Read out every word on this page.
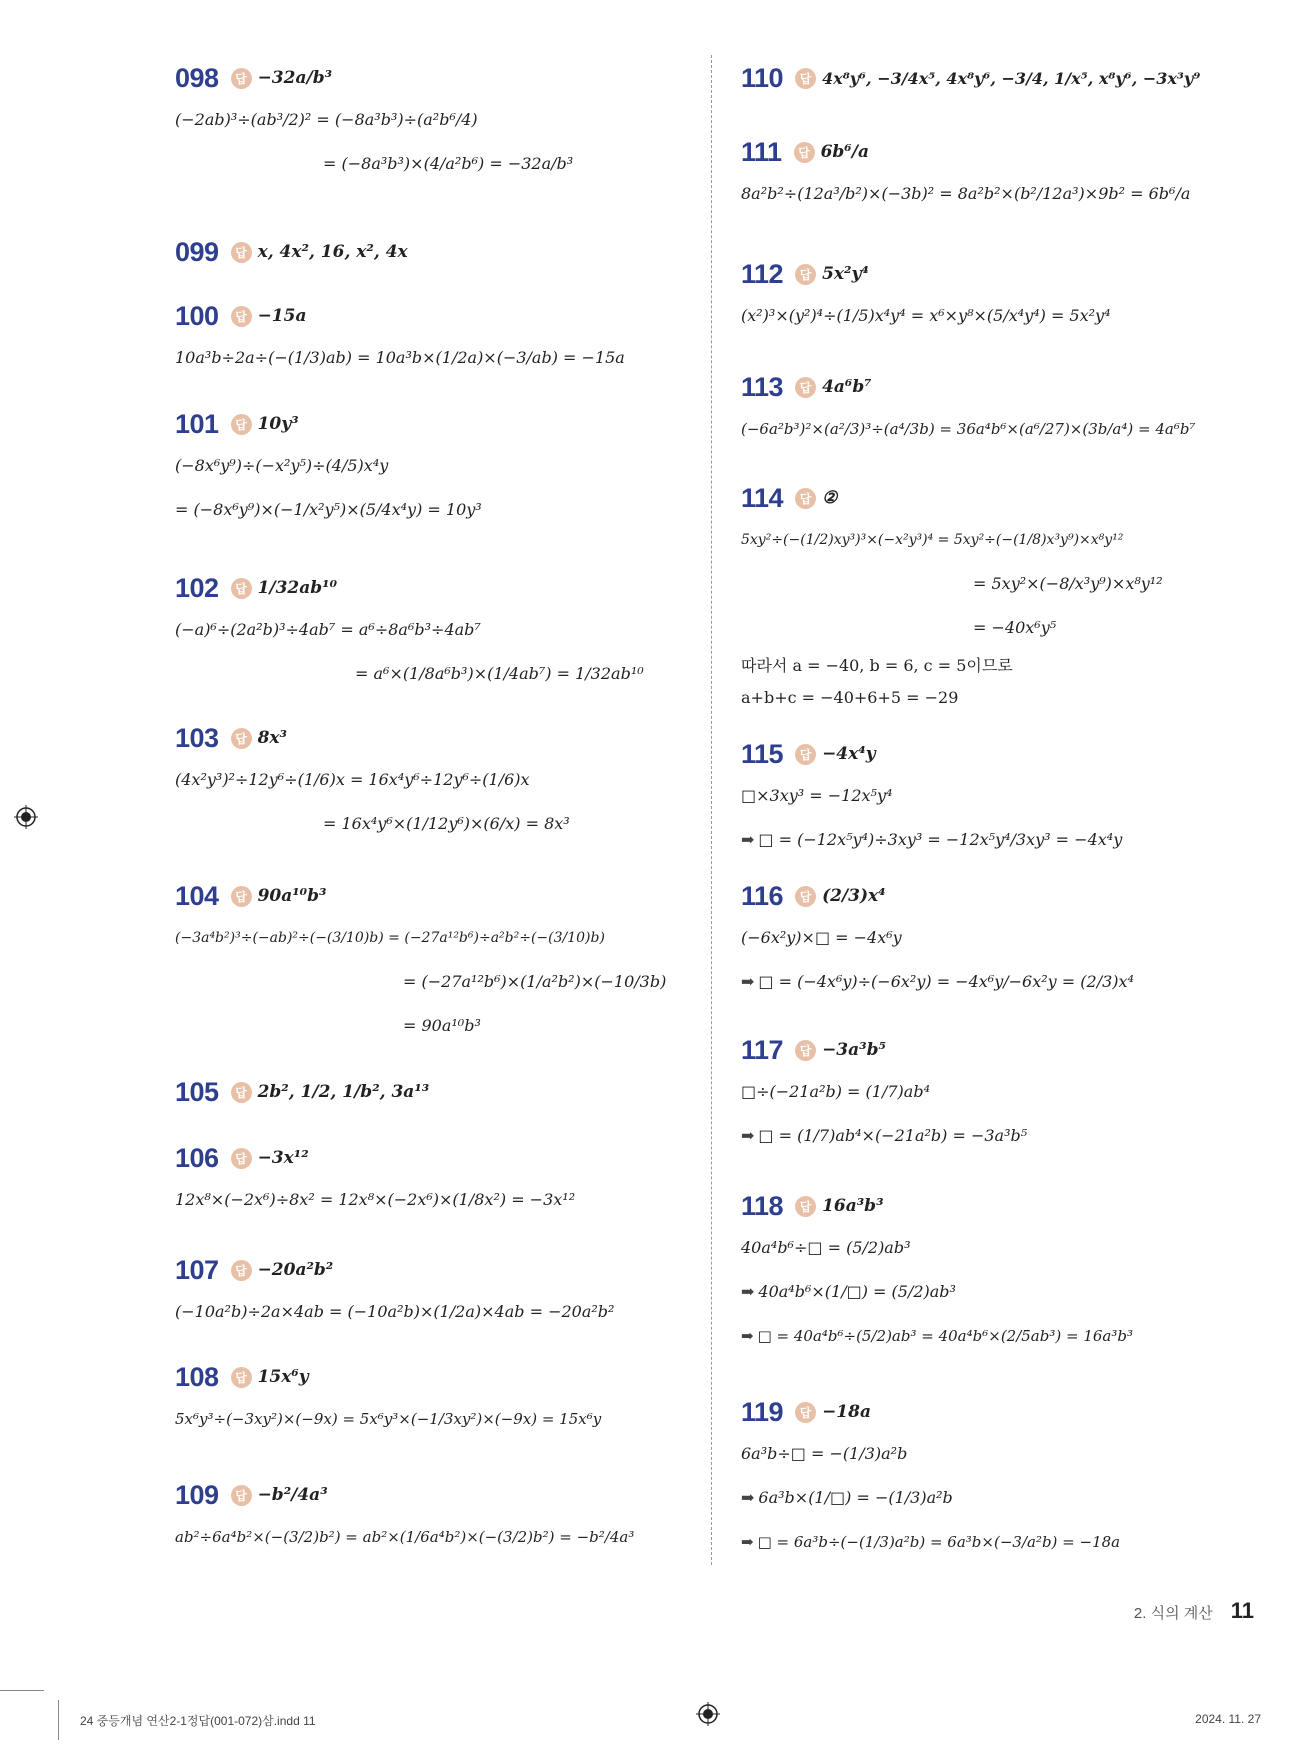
098	답 −32a/b³
(−2ab)³÷(ab³/2)² = (−8a³b³)÷(a²b⁶/4)
= (−8a³b³)×(4/a²b⁶) = −32a/b³
099	답 x, 4x², 16, x², 4x
100	답 −15a
10a³b÷2a÷(−(1/3)ab) = 10a³b×(1/2a)×(−3/ab) = −15a
101	답 10y³
(−8x⁶y⁹)÷(−x²y⁵)÷(4/5)x⁴y
= (−8x⁶y⁹)×(−1/x²y⁵)×(5/4x⁴y) = 10y³
102	답 1/32ab¹⁰
(−a)⁶÷(2a²b)³÷4ab⁷ = a⁶÷8a⁶b³÷4ab⁷
= a⁶×(1/8a⁶b³)×(1/4ab⁷) = 1/32ab¹⁰
103	답 8x³
(4x²y³)²÷12y⁶÷(1/6)x = 16x⁴y⁶÷12y⁶÷(1/6)x
= 16x⁴y⁶×(1/12y⁶)×(6/x) = 8x³
104	답 90a¹⁰b³
(−3a⁴b²)³÷(−ab)²÷(−(3/10)b) = (−27a¹²b⁶)÷a²b²÷(−(3/10)b)
= (−27a¹²b⁶)×(1/a²b²)×(−10/3b)
= 90a¹⁰b³
105	답 2b², 1/2, 1/b², 3a¹³
106	답 −3x¹²
12x⁸×(−2x⁶)÷8x² = 12x⁸×(−2x⁶)×(1/8x²) = −3x¹²
107	답 −20a²b²
(−10a²b)÷2a×4ab = (−10a²b)×(1/2a)×4ab = −20a²b²
108	답 15x⁶y
5x⁶y³÷(−3xy²)×(−9x) = 5x⁶y³×(−1/3xy²)×(−9x) = 15x⁶y
109	답 −b²/4a³
ab²÷6a⁴b²×(−(3/2)b²) = ab²×(1/6a⁴b²)×(−(3/2)b²) = −b²/4a³
110	답 4x⁸y⁶, −3/4x⁵, 4x⁸y⁶, −3/4, 1/x⁵, x⁸y⁶, −3x³y⁹
111	답 6b⁶/a
8a²b²÷(12a³/b²)×(−3b)² = 8a²b²×(b²/12a³)×9b² = 6b⁶/a
112	답 5x²y⁴
(x²)³×(y²)⁴÷(1/5)x⁴y⁴ = x⁶×y⁸×(5/x⁴y⁴) = 5x²y⁴
113	답 4a⁶b⁷
(−6a²b³)²×(a²/3)³÷(a⁴/3b) = 36a⁴b⁶×(a⁶/27)×(3b/a⁴) = 4a⁶b⁷
114	답 ②
5xy²÷(−(1/2)xy³)³×(−x²y³)⁴ = 5xy²÷(−(1/8)x³y⁹)×x⁸y¹²
= 5xy²×(−8/x³y⁹)×x⁸y¹²
= −40x⁶y⁵
따라서 a = −40, b = 6, c = 5이므로
a+b+c = −40+6+5 = −29
115	답 −4x⁴y
□×3xy³ = −12x⁵y⁴
➡ □ = (−12x⁵y⁴)÷3xy³ = −12x⁵y⁴/3xy³ = −4x⁴y
116	답 (2/3)x⁴
(−6x²y)×□ = −4x⁶y
➡ □ = (−4x⁶y)÷(−6x²y) = −4x⁶y/−6x²y = (2/3)x⁴
117	답 −3a³b⁵
□÷(−21a²b) = (1/7)ab⁴
➡ □ = (1/7)ab⁴×(−21a²b) = −3a³b⁵
118	답 16a³b³
40a⁴b⁶÷□ = (5/2)ab³
➡ 40a⁴b⁶×(1/□) = (5/2)ab³
➡ □ = 40a⁴b⁶÷(5/2)ab³ = 40a⁴b⁶×(2/5ab³) = 16a³b³
119	답 −18a
6a³b÷□ = −(1/3)a²b
➡ 6a³b×(1/□) = −(1/3)a²b
➡ □ = 6a³b÷(−(1/3)a²b) = 6a³b×(−3/a²b) = −18a
2. 식의 계산 11
24 중등개념 연산2-1정답(001-072)삼.indd 11	2024. 11. 27
